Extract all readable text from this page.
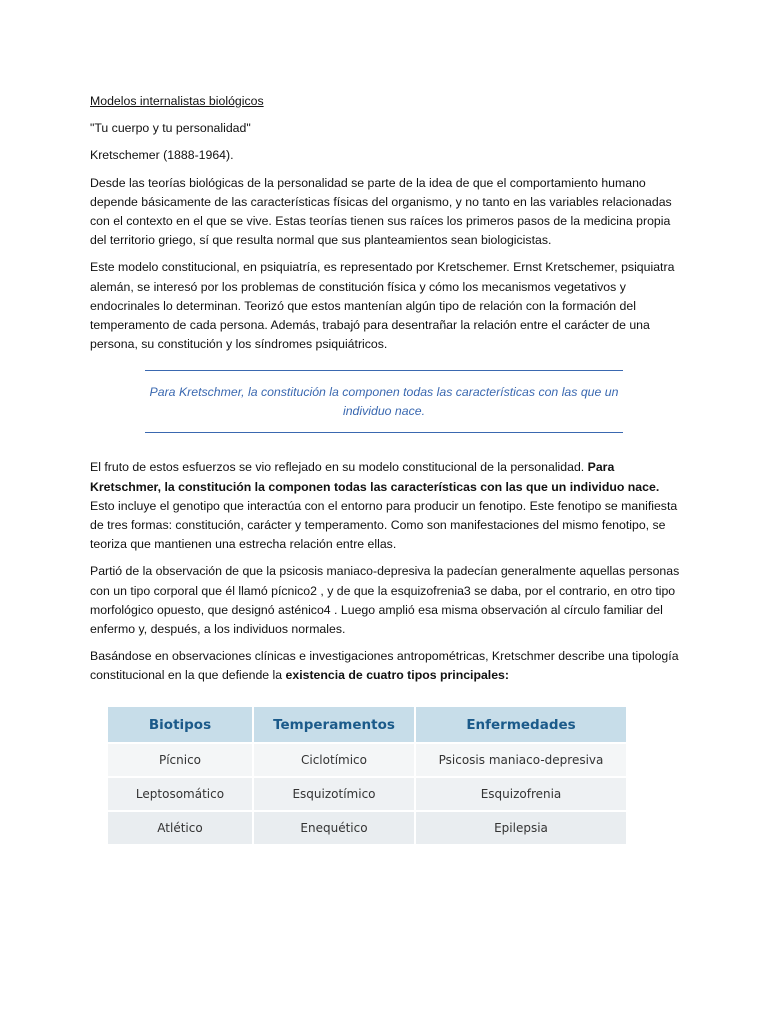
Modelos internalistas biológicos

"Tu cuerpo y tu personalidad"

Kretschemer (1888-1964).

Desde las teorías biológicas de la personalidad se parte de la idea de que el comportamiento humano depende básicamente de las características físicas del organismo, y no tanto en las variables relacionadas con el contexto en el que se vive. Estas teorías tienen sus raíces los primeros pasos de la medicina propia del territorio griego, sí que resulta normal que sus planteamientos sean biologicistas.

Este modelo constitucional, en psiquiatría, es representado por Kretschemer. Ernst Kretschemer, psiquiatra alemán, se interesó por los problemas de constitución física y cómo los mecanismos vegetativos y endocrinales lo determinan. Teorizó que estos mantenían algún tipo de relación con la formación del temperamento de cada persona. Además, trabajó para desentrañar la relación entre el carácter de una persona, su constitución y los síndromes psiquiátricos.

Para Kretschmer, la constitución la componen todas las características con las que un individuo nace.

El fruto de estos esfuerzos se vio reflejado en su modelo constitucional de la personalidad. Para Kretschmer, la constitución la componen todas las características con las que un individuo nace. Esto incluye el genotipo que interactúa con el entorno para producir un fenotipo. Este fenotipo se manifiesta de tres formas: constitución, carácter y temperamento. Como son manifestaciones del mismo fenotipo, se teoriza que mantienen una estrecha relación entre ellas.

Partió de la observación de que la psicosis maniaco-depresiva la padecían generalmente aquellas personas con un tipo corporal que él llamó pícnico2 , y de que la esquizofrenia3 se daba, por el contrario, en otro tipo morfológico opuesto, que designó asténico4 . Luego amplió esa misma observación al círculo familiar del enfermo y, después, a los individuos normales.

Basándose en observaciones clínicas e investigaciones antropométricas, Kretschmer describe una tipología constitucional en la que defiende la existencia de cuatro tipos principales:

Biotipos	Temperamentos	Enfermedades
Pícnico	Ciclotímico	Psicosis maniaco-depresiva
Leptosomático	Esquizotímico	Esquizofrenia
Atlético	Enequético	Epilepsia
